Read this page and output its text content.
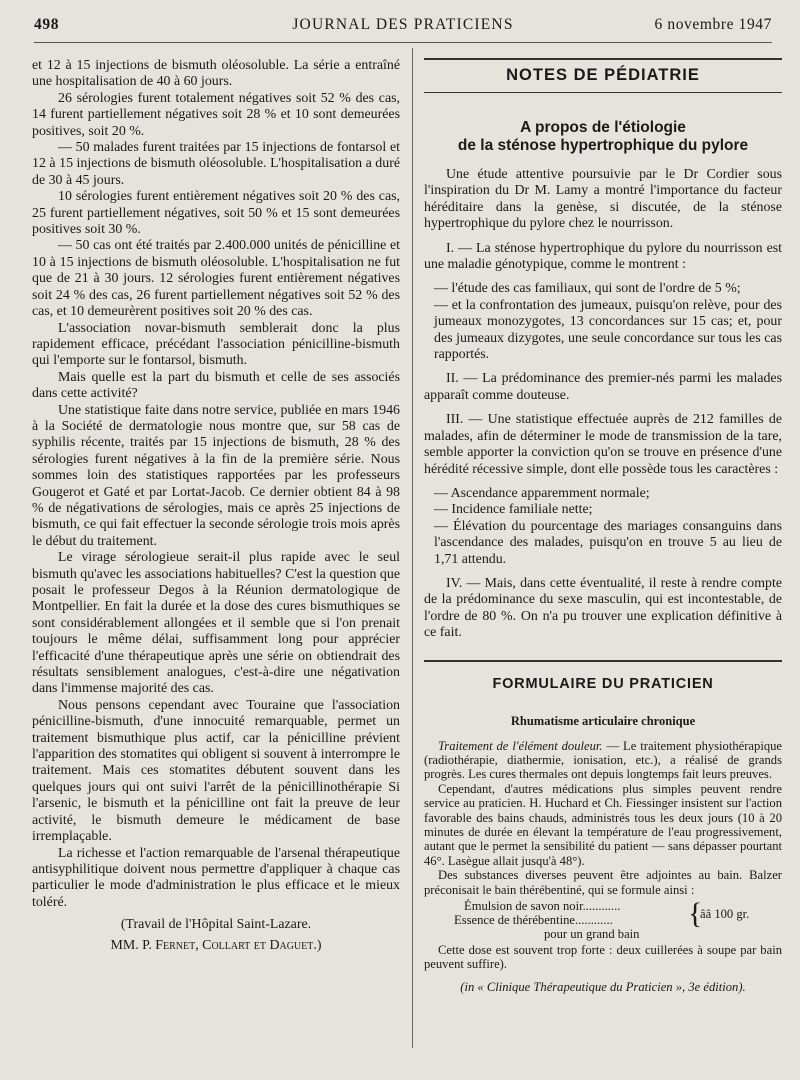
498	JOURNAL DES PRATICIENS	6 novembre 1947

et 12 à 15 injections de bismuth oléosoluble. La série a entraîné une hospitalisation de 40 à 60 jours.

26 sérologies furent totalement négatives soit 52 % des cas, 14 furent partiellement négatives soit 28 % et 10 sont demeurées positives, soit 20 %.

— 50 malades furent traitées par 15 injections de fontarsol et 12 à 15 injections de bismuth oléosoluble. L'hospitalisation a duré de 30 à 45 jours.

10 sérologies furent entièrement négatives soit 20 % des cas, 25 furent partiellement négatives, soit 50 % et 15 sont demeurées positives soit 30 %.

— 50 cas ont été traités par 2.400.000 unités de pénicilline et 10 à 15 injections de bismuth oléosoluble. L'hospitalisation ne fut que de 21 à 30 jours. 12 sérologies furent entièrement négatives soit 24 % des cas, 26 furent partiellement négatives soit 52 % des cas, et 10 demeurèrent positives soit 20 % des cas.

L'association novar-bismuth semblerait donc la plus rapidement efficace, précédant l'association pénicilline-bismuth qui l'emporte sur le fontarsol, bismuth.

Mais quelle est la part du bismuth et celle de ses associés dans cette activité?

Une statistique faite dans notre service, publiée en mars 1946 à la Société de dermatologie nous montre que, sur 58 cas de syphilis récente, traités par 15 injections de bismuth, 28 % des sérologies furent négatives à la fin de la première série. Nous sommes loin des statistiques rapportées par les professeurs Gougerot et Gaté et par Lortat-Jacob. Ce dernier obtient 84 à 98 % de négativations de sérologies, mais ce après 25 injections de bismuth, ce qui fait effectuer la seconde sérologie trois mois après le début du traitement.

Le virage sérologieue serait-il plus rapide avec le seul bismuth qu'avec les associations habituelles? C'est la question que posait le professeur Degos à la Réunion dermatologique de Montpellier. En fait la durée et la dose des cures bismuthiques se sont considérablement allongées et il semble que si l'on prenait toujours le même délai, suffisamment long pour apprécier l'efficacité d'une thérapeutique après une série on obtiendrait des résultats sensiblement analogues, c'est-à-dire une négativation dans l'immense majorité des cas.

Nous pensons cependant avec Touraine que l'association pénicilline-bismuth, d'une innocuité remarquable, permet un traitement bismuthique plus actif, car la pénicilline prévient l'apparition des stomatites qui obligent si souvent à interrompre le traitement. Mais ces stomatites débutent souvent dans les quelques jours qui ont suivi l'arrêt de la pénicillinothérapie Si l'arsenic, le bismuth et la pénicilline ont fait la preuve de leur activité, le bismuth demeure le médicament de base irremplaçable.

La richesse et l'action remarquable de l'arsenal thérapeutique antisyphilitique doivent nous permettre d'appliquer à chaque cas particulier le mode d'administration le plus efficace et le mieux toléré.

(Travail de l'Hôpital Saint-Lazare.

MM. P. Fernet, Collart et Daguet.)

NOTES DE PÉDIATRIE
A propos de l'étiologie
de la sténose hypertrophique du pylore

Une étude attentive poursuivie par le Dr Cordier sous l'inspiration du Dr M. Lamy a montré l'importance du facteur héréditaire dans la genèse, si discutée, de la sténose hypertrophique du pylore chez le nourrisson.

I. — La sténose hypertrophique du pylore du nourrisson est une maladie génotypique, comme le montrent :

— l'étude des cas familiaux, qui sont de l'ordre de 5 %;

— et la confrontation des jumeaux, puisqu'on relève, pour des jumeaux monozygotes, 13 concordances sur 15 cas; et, pour des jumeaux dizygotes, une seule concordance sur tous les cas rapportés.

II. — La prédominance des premier-nés parmi les malades apparaît comme douteuse.

III. — Une statistique effectuée auprès de 212 familles de malades, afin de déterminer le mode de transmission de la tare, semble apporter la conviction qu'on se trouve en présence d'une hérédité récessive simple, dont elle possède tous les caractères :

— Ascendance apparemment normale;

— Incidence familiale nette;

— Élévation du pourcentage des mariages consanguins dans l'ascendance des malades, puisqu'on en trouve 5 au lieu de 1,71 attendu.

IV. — Mais, dans cette éventualité, il reste à rendre compte de la prédominance du sexe masculin, qui est incontestable, de l'ordre de 80 %. On n'a pu trouver une explication définitive à ce fait.

FORMULAIRE DU PRATICIEN
Rhumatisme articulaire chronique

Traitement de l'élément douleur. — Le traitement physiothérapique (radiothérapie, diathermie, ionisation, etc.), a réalisé de grands progrès. Les cures thermales ont depuis longtemps fait leurs preuves.

Cependant, d'autres médications plus simples peuvent rendre service au praticien. H. Huchard et Ch. Fiessinger insistent sur l'action favorable des bains chauds, administrés tous les deux jours (10 à 20 minutes de durée en élevant la température de l'eau progressivement, autant que le permet la sensibilité du patient — sans dépasser pourtant 46°. Lasègue allait jusqu'à 48°).

Des substances diverses peuvent être adjointes au bain. Balzer préconisait le bain thérébentiné, qui se formule ainsi :

Émulsion de savon noir............
Essence de thérébentine............
pour un grand bain
{
ââ 100 gr.

Cette dose est souvent trop forte : deux cuillerées à soupe par bain peuvent suffire).

(in « Clinique Thérapeutique du Praticien », 3e édition).
